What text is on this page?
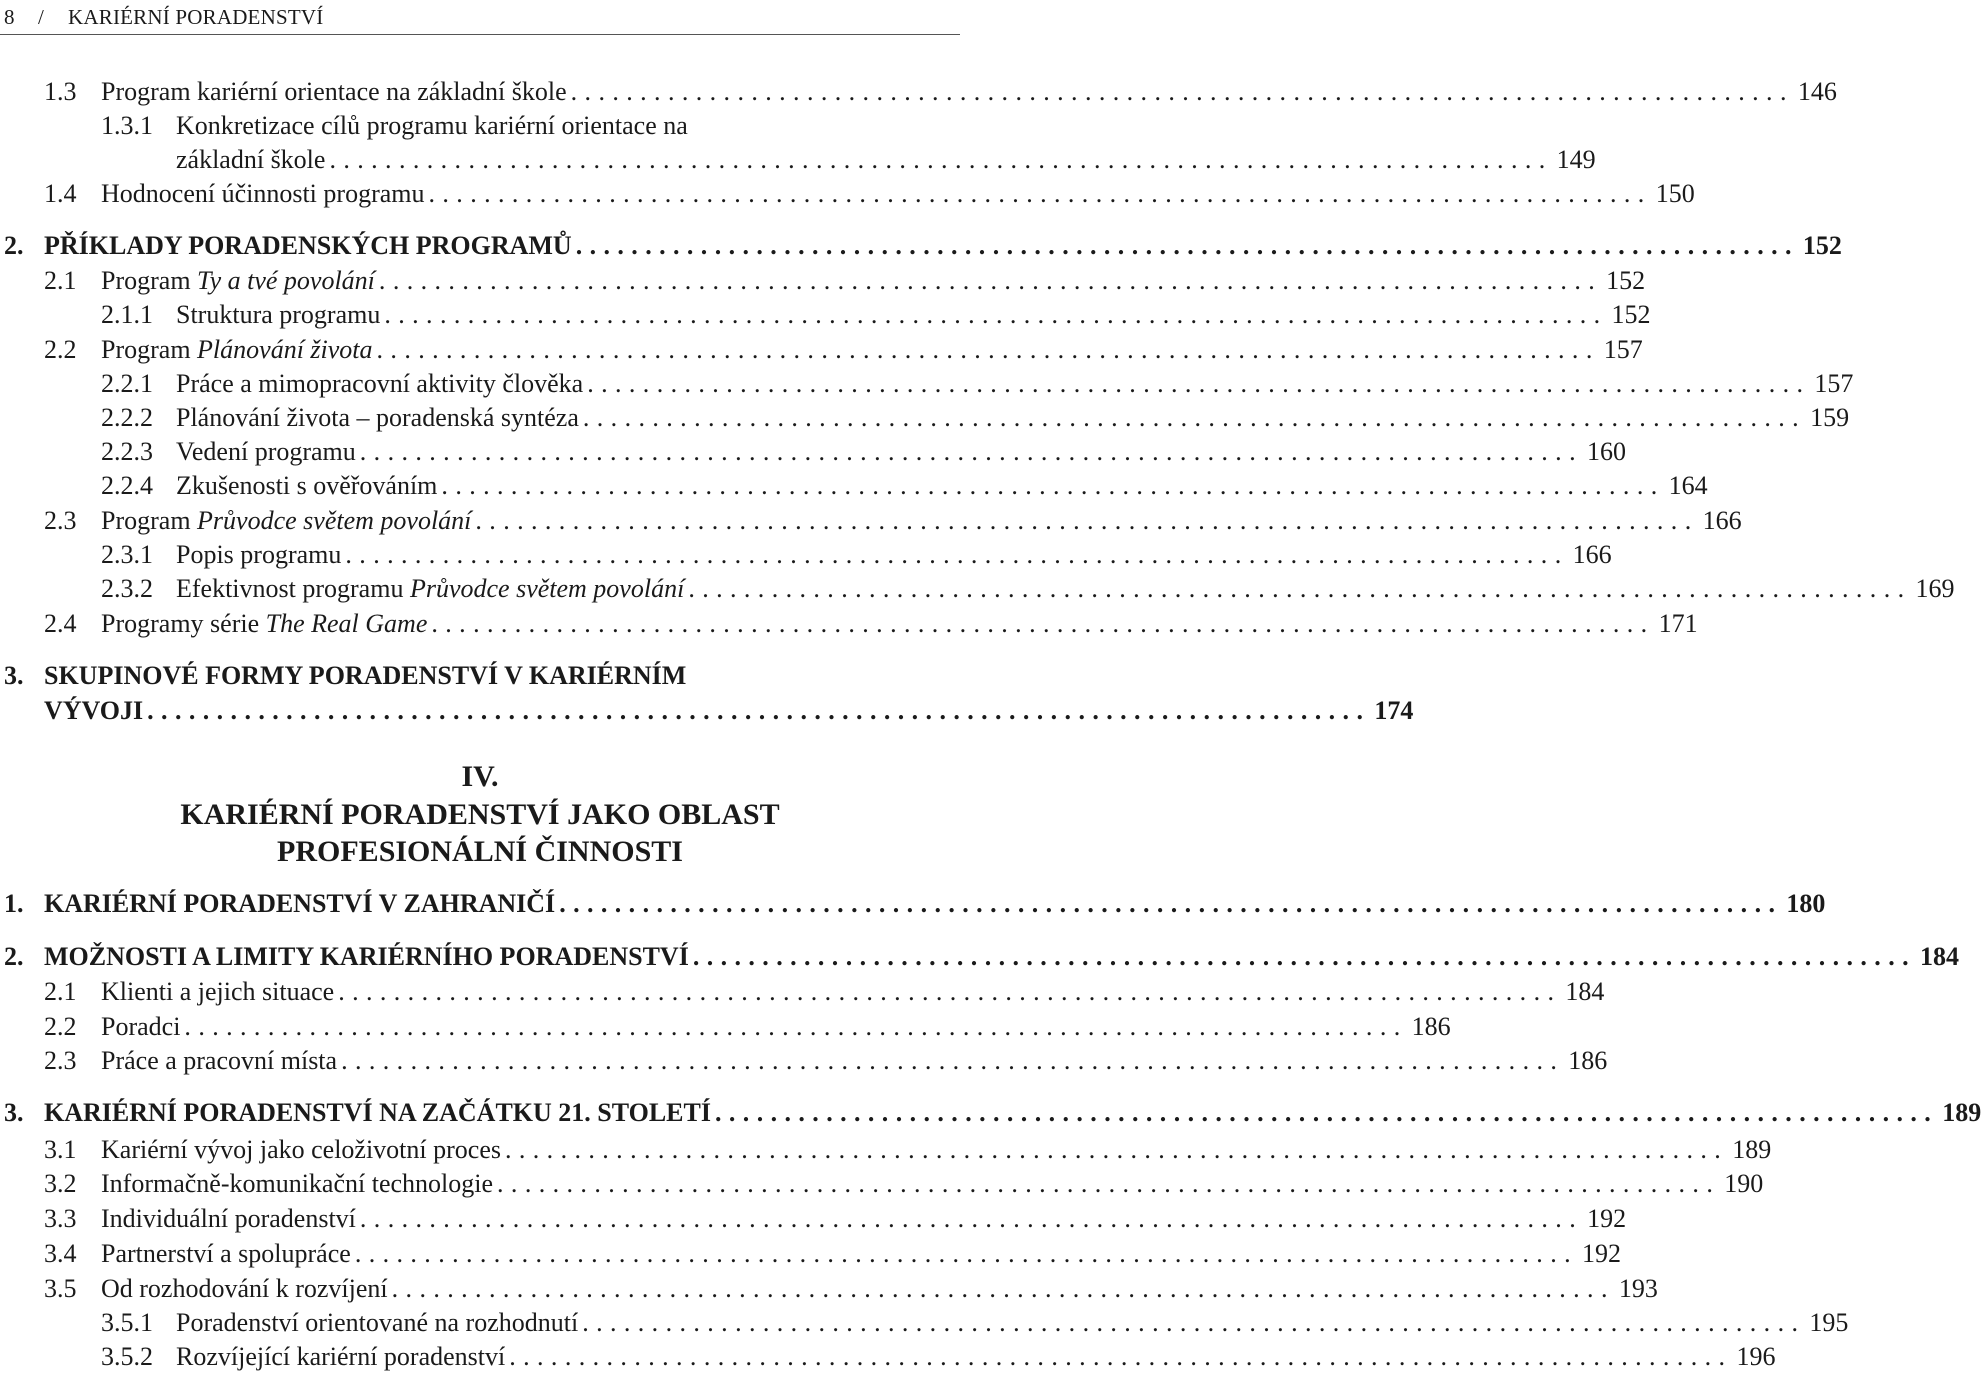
8 / KARIÉRNÍ PORADENSTVÍ
1.3 Program kariérní orientace na základní škole ........................................................................................ 146
1.3.1 Konkretizace cílů programu kariérní orientace na
základní škole ........................................................................................ 149
1.4 Hodnocení účinnosti programu ........................................................................................ 150
2. PŘÍKLADY PORADENSKÝCH PROGRAMŮ ........................................................................................ 152
2.1 Program Ty a tvé povolání ........................................................................................ 152
2.1.1 Struktura programu ........................................................................................ 152
2.2 Program Plánování života ........................................................................................ 157
2.2.1 Práce a mimopracovní aktivity člověka ........................................................................................ 157
2.2.2 Plánování života – poradenská syntéza ........................................................................................ 159
2.2.3 Vedení programu ........................................................................................ 160
2.2.4 Zkušenosti s ověřováním ........................................................................................ 164
2.3 Program Průvodce světem povolání ........................................................................................ 166
2.3.1 Popis programu ........................................................................................ 166
2.3.2 Efektivnost programu Průvodce světem povolání ........................................................................................ 169
2.4 Programy série The Real Game ........................................................................................ 171
3. SKUPINOVÉ FORMY PORADENSTVÍ V KARIÉRNÍM
VÝVOJI ........................................................................................ 174
IV.
KARIÉRNÍ PORADENSTVÍ JAKO OBLAST
PROFESIONÁLNÍ ČINNOSTI
1. KARIÉRNÍ PORADENSTVÍ V ZAHRANIČÍ ........................................................................................ 180
2. MOŽNOSTI A LIMITY KARIÉRNÍHO PORADENSTVÍ ........................................................................................ 184
2.1 Klienti a jejich situace ........................................................................................ 184
2.2 Poradci ........................................................................................ 186
2.3 Práce a pracovní místa ........................................................................................ 186
3. KARIÉRNÍ PORADENSTVÍ NA ZAČÁTKU 21. STOLETÍ ........................................................................................ 189
3.1 Kariérní vývoj jako celoživotní proces ........................................................................................ 189
3.2 Informačně-komunikační technologie ........................................................................................ 190
3.3 Individuální poradenství ........................................................................................ 192
3.4 Partnerství a spolupráce ........................................................................................ 192
3.5 Od rozhodování k rozvíjení ........................................................................................ 193
3.5.1 Poradenství orientované na rozhodnutí ........................................................................................ 195
3.5.2 Rozvíjející kariérní poradenství ........................................................................................ 196
